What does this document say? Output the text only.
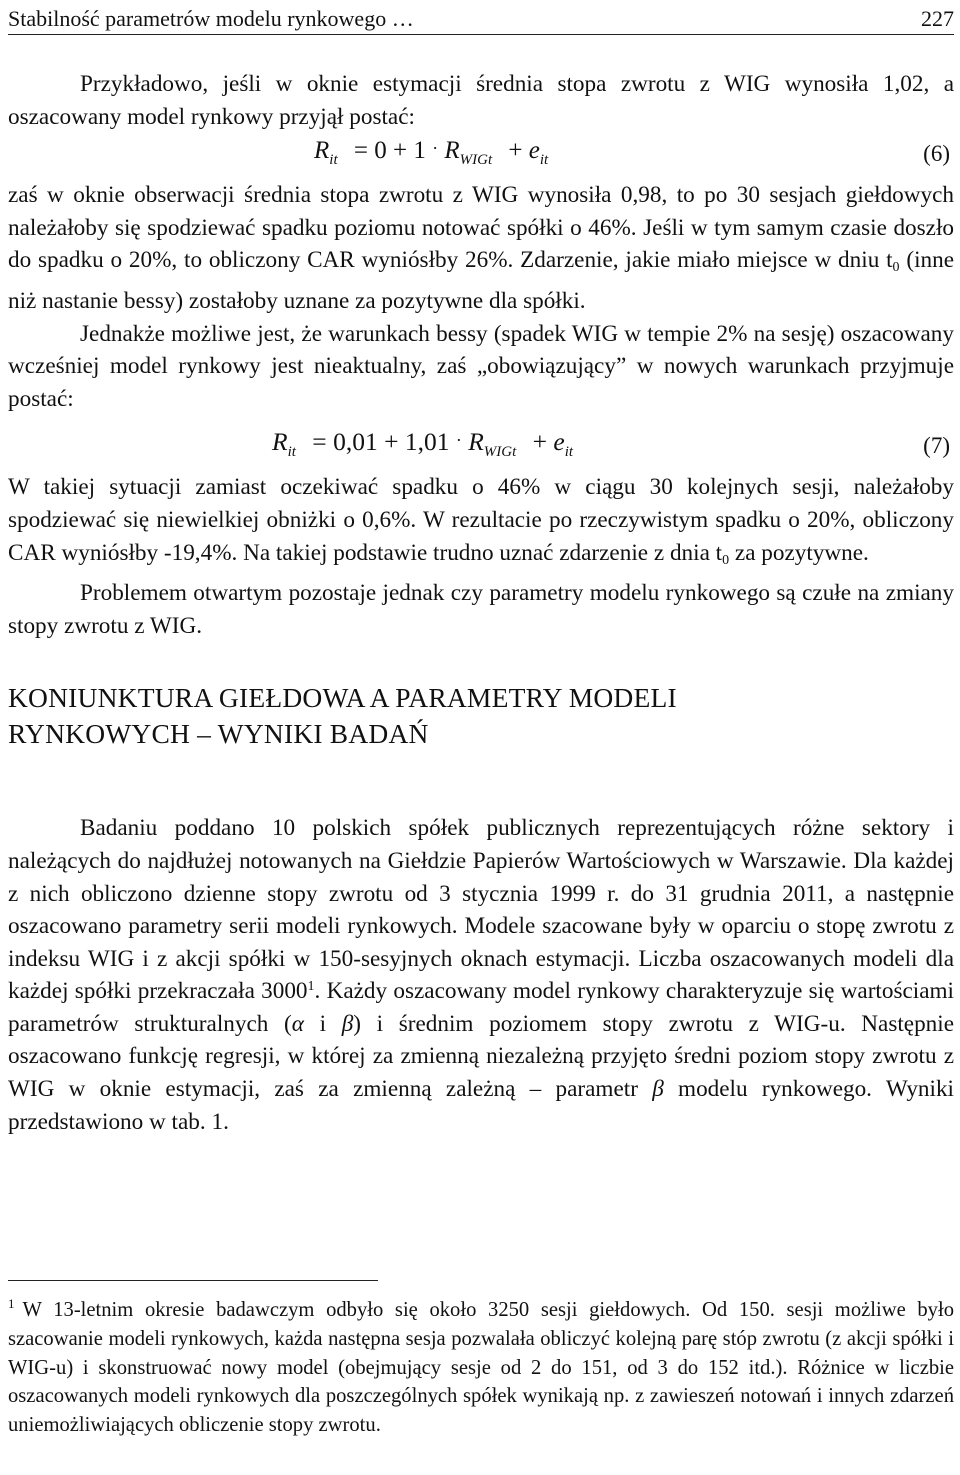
Stabilność parametrów modelu rynkowego …	227

Przykładowo, jeśli w oknie estymacji średnia stopa zwrotu z WIG wynosiła 1,02, a oszacowany model rynkowy przyjął postać:

$R_{it} = 0 + 1 \cdot R_{WIGt} + e_{it}$	(6)

zaś w oknie obserwacji średnia stopa zwrotu z WIG wynosiła 0,98, to po 30 sesjach giełdowych należałoby się spodziewać spadku poziomu notować spółki o 46%. Jeśli w tym samym czasie doszło do spadku o 20%, to obliczony CAR wyniósłby 26%. Zdarzenie, jakie miało miejsce w dniu $t_0$ (inne niż nastanie bessy) zostałoby uznane za pozytywne dla spółki.

Jednakże możliwe jest, że warunkach bessy (spadek WIG w tempie 2% na sesję) oszacowany wcześniej model rynkowy jest nieaktualny, zaś „obowiązujący” w nowych warunkach przyjmuje postać:

$R_{it} = 0,01 + 1,01 \cdot R_{WIGt} + e_{it}$	(7)

W takiej sytuacji zamiast oczekiwać spadku o 46% w ciągu 30 kolejnych sesji, należałoby spodziewać się niewielkiej obniżki o 0,6%. W rezultacie po rzeczywistym spadku o 20%, obliczony CAR wyniósłby -19,4%. Na takiej podstawie trudno uznać zdarzenie z dnia $t_0$ za pozytywne.

Problemem otwartym pozostaje jednak czy parametry modelu rynkowego są czułe na zmiany stopy zwrotu z WIG.

KONIUNKTURA GIEŁDOWA A PARAMETRY MODELI
RYNKOWYCH – WYNIKI BADAŃ

Badaniu poddano 10 polskich spółek publicznych reprezentujących różne sektory i należących do najdłużej notowanych na Giełdzie Papierów Wartościowych w Warszawie. Dla każdej z nich obliczono dzienne stopy zwrotu od 3 stycznia 1999 r. do 31 grudnia 2011, a następnie oszacowano parametry serii modeli rynkowych. Modele szacowane były w oparciu o stopę zwrotu z indeksu WIG i z akcji spółki w 150-sesyjnych oknach estymacji. Liczba oszacowanych modeli dla każdej spółki przekraczała 3000$^1$. Każdy oszacowany model rynkowy charakteryzuje się wartościami parametrów strukturalnych (α i β) i średnim poziomem stopy zwrotu z WIG-u. Następnie oszacowano funkcję regresji, w której za zmienną niezależną przyjęto średni poziom stopy zwrotu z WIG w oknie estymacji, zaś za zmienną zależną – parametr β modelu rynkowego. Wyniki przedstawiono w tab. 1.

$^1$ W 13-letnim okresie badawczym odbyło się około 3250 sesji giełdowych. Od 150. sesji możliwe było szacowanie modeli rynkowych, każda następna sesja pozwalała obliczyć kolejną parę stóp zwrotu (z akcji spółki i WIG-u) i skonstruować nowy model (obejmujący sesje od 2 do 151, od 3 do 152 itd.). Różnice w liczbie oszacowanych modeli rynkowych dla poszczególnych spółek wynikają np. z zawieszeń notowań i innych zdarzeń uniemożliwiających obliczenie stopy zwrotu.
